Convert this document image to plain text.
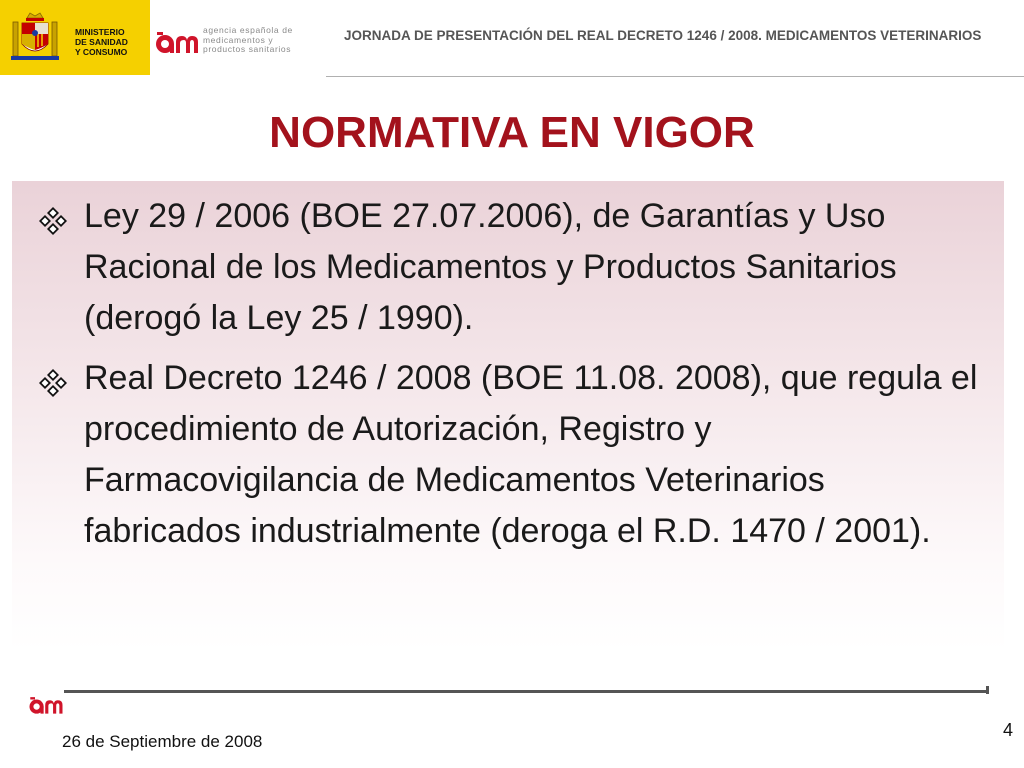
MINISTERIO
DE SANIDAD
Y CONSUMO
agencia española de
medicamentos y
productos sanitarios
JORNADA DE PRESENTACIÓN DEL REAL DECRETO 1246 / 2008. MEDICAMENTOS VETERINARIOS
NORMATIVA EN VIGOR
Ley 29 / 2006 (BOE 27.07.2006), de Garantías y Uso Racional de los Medicamentos y Productos Sanitarios (derogó la Ley 25 / 1990).
Real Decreto 1246 / 2008 (BOE 11.08. 2008), que regula el procedimiento de Autorización, Registro y Farmacovigilancia de Medicamentos Veterinarios fabricados industrialmente (deroga el R.D. 1470 / 2001).
26 de Septiembre de 2008
4
